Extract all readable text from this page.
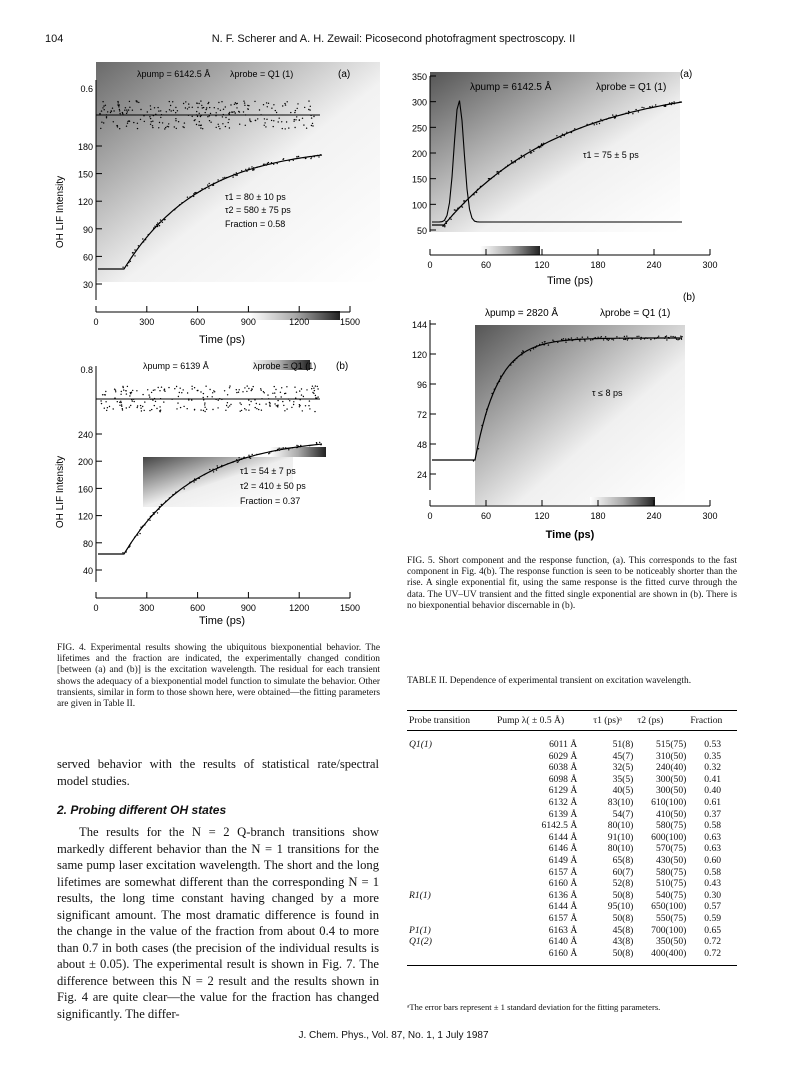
104	N. F. Scherer and A. H. Zewail: Picosecond photofragment spectroscopy. II
0	300	600	900	1200	1500
180
150
120
90
60
30
0.6
λpump = 6142.5 Å λprobe = Q1 (1)	(a)
τ1 = 80 ± 10 ps
τ2 = 580 ± 75 ps
Fraction = 0.58
Time (ps)
OH LIF Intensity
0	300	600	900	1200	1500
240
200
160
120
80
40
0.8	λpump = 6139 Å	λprobe = Q1 (1) (b)
τ1 = 54 ± 7 ps
τ2 = 410 ± 50 ps
Fraction = 0.37
Time (ps)
OH LIF Intensity
0	60	120	180	240	300
350
300
250
200
150
100
50
λpump = 6142.5 Å	λprobe = Q1 (1)
(a)
τ1 = 75 ± 5 ps
Time (ps)
0	60	120	180	240	300
144
120
96
72
48
24
(b)
λpump = 2820 Å	λprobe = Q1 (1)
τ ≤ 8 ps
Time (ps)
FIG. 4. Experimental results showing the ubiquitous biexponential behavior. The lifetimes and the fraction are indicated, the experimentally changed condition [between (a) and (b)] is the excitation wavelength. The residual for each transient shows the adequacy of a biexponential model function to simulate the behavior. Other transients, similar in form to those shown here, were obtained—the fitting parameters are given in Table II.
FIG. 5. Short component and the response function, (a). This corresponds to the fast component in Fig. 4(b). The response function is seen to be noticeably shorter than the rise. A single exponential fit, using the same response is the fitted curve through the data. The UV–UV transient and the fitted single exponential are shown in (b). There is no biexponential behavior discernable in (b).
served behavior with the results of statistical rate/spectral model studies.
2. Probing different OH states
The results for the N = 2 Q-branch transitions show markedly different behavior than the N = 1 transitions for the same pump laser excitation wavelength. The short and the long lifetimes are somewhat different than the corresponding N = 1 results, the long time constant having changed by a more significant amount. The most dramatic difference is found in the change in the value of the fraction from about 0.4 to more than 0.7 in both cases (the precision of the individual results is about ± 0.05). The experimental result is shown in Fig. 7. The difference between this N = 2 result and the results shown in Fig. 4 are quite clear—the value for the fraction has changed significantly. The differ-
TABLE II. Dependence of experimental transient on excitation wavelength.
Probe transition	Pump λ( ± 0.5 Å)	τ1 (ps)ᵃ	τ2 (ps)	Fraction
Q1(1)	6011 Å	51(8)	515(75)	0.53
	6029 Å	45(7)	310(50)	0.35
	6038 Å	32(5)	240(40)	0.32
	6098 Å	35(5)	300(50)	0.41
	6129 Å	40(5)	300(50)	0.40
	6132 Å	83(10)	610(100)	0.61
	6139 Å	54(7)	410(50)	0.37
	6142.5 Å	80(10)	580(75)	0.58
	6144 Å	91(10)	600(100)	0.63
	6146 Å	80(10)	570(75)	0.63
	6149 Å	65(8)	430(50)	0.60
	6157 Å	60(7)	580(75)	0.58
	6160 Å	52(8)	510(75)	0.43
R1(1)	6136 Å	50(8)	540(75)	0.30
	6144 Å	95(10)	650(100)	0.57
	6157 Å	50(8)	550(75)	0.59
P1(1)	6163 Å	45(8)	700(100)	0.65
Q1(2)	6140 Å	43(8)	350(50)	0.72
	6160 Å	50(8)	400(400)	0.72
ᵃThe error bars represent ± 1 standard deviation for the fitting parameters.
J. Chem. Phys., Vol. 87, No. 1, 1 July 1987
